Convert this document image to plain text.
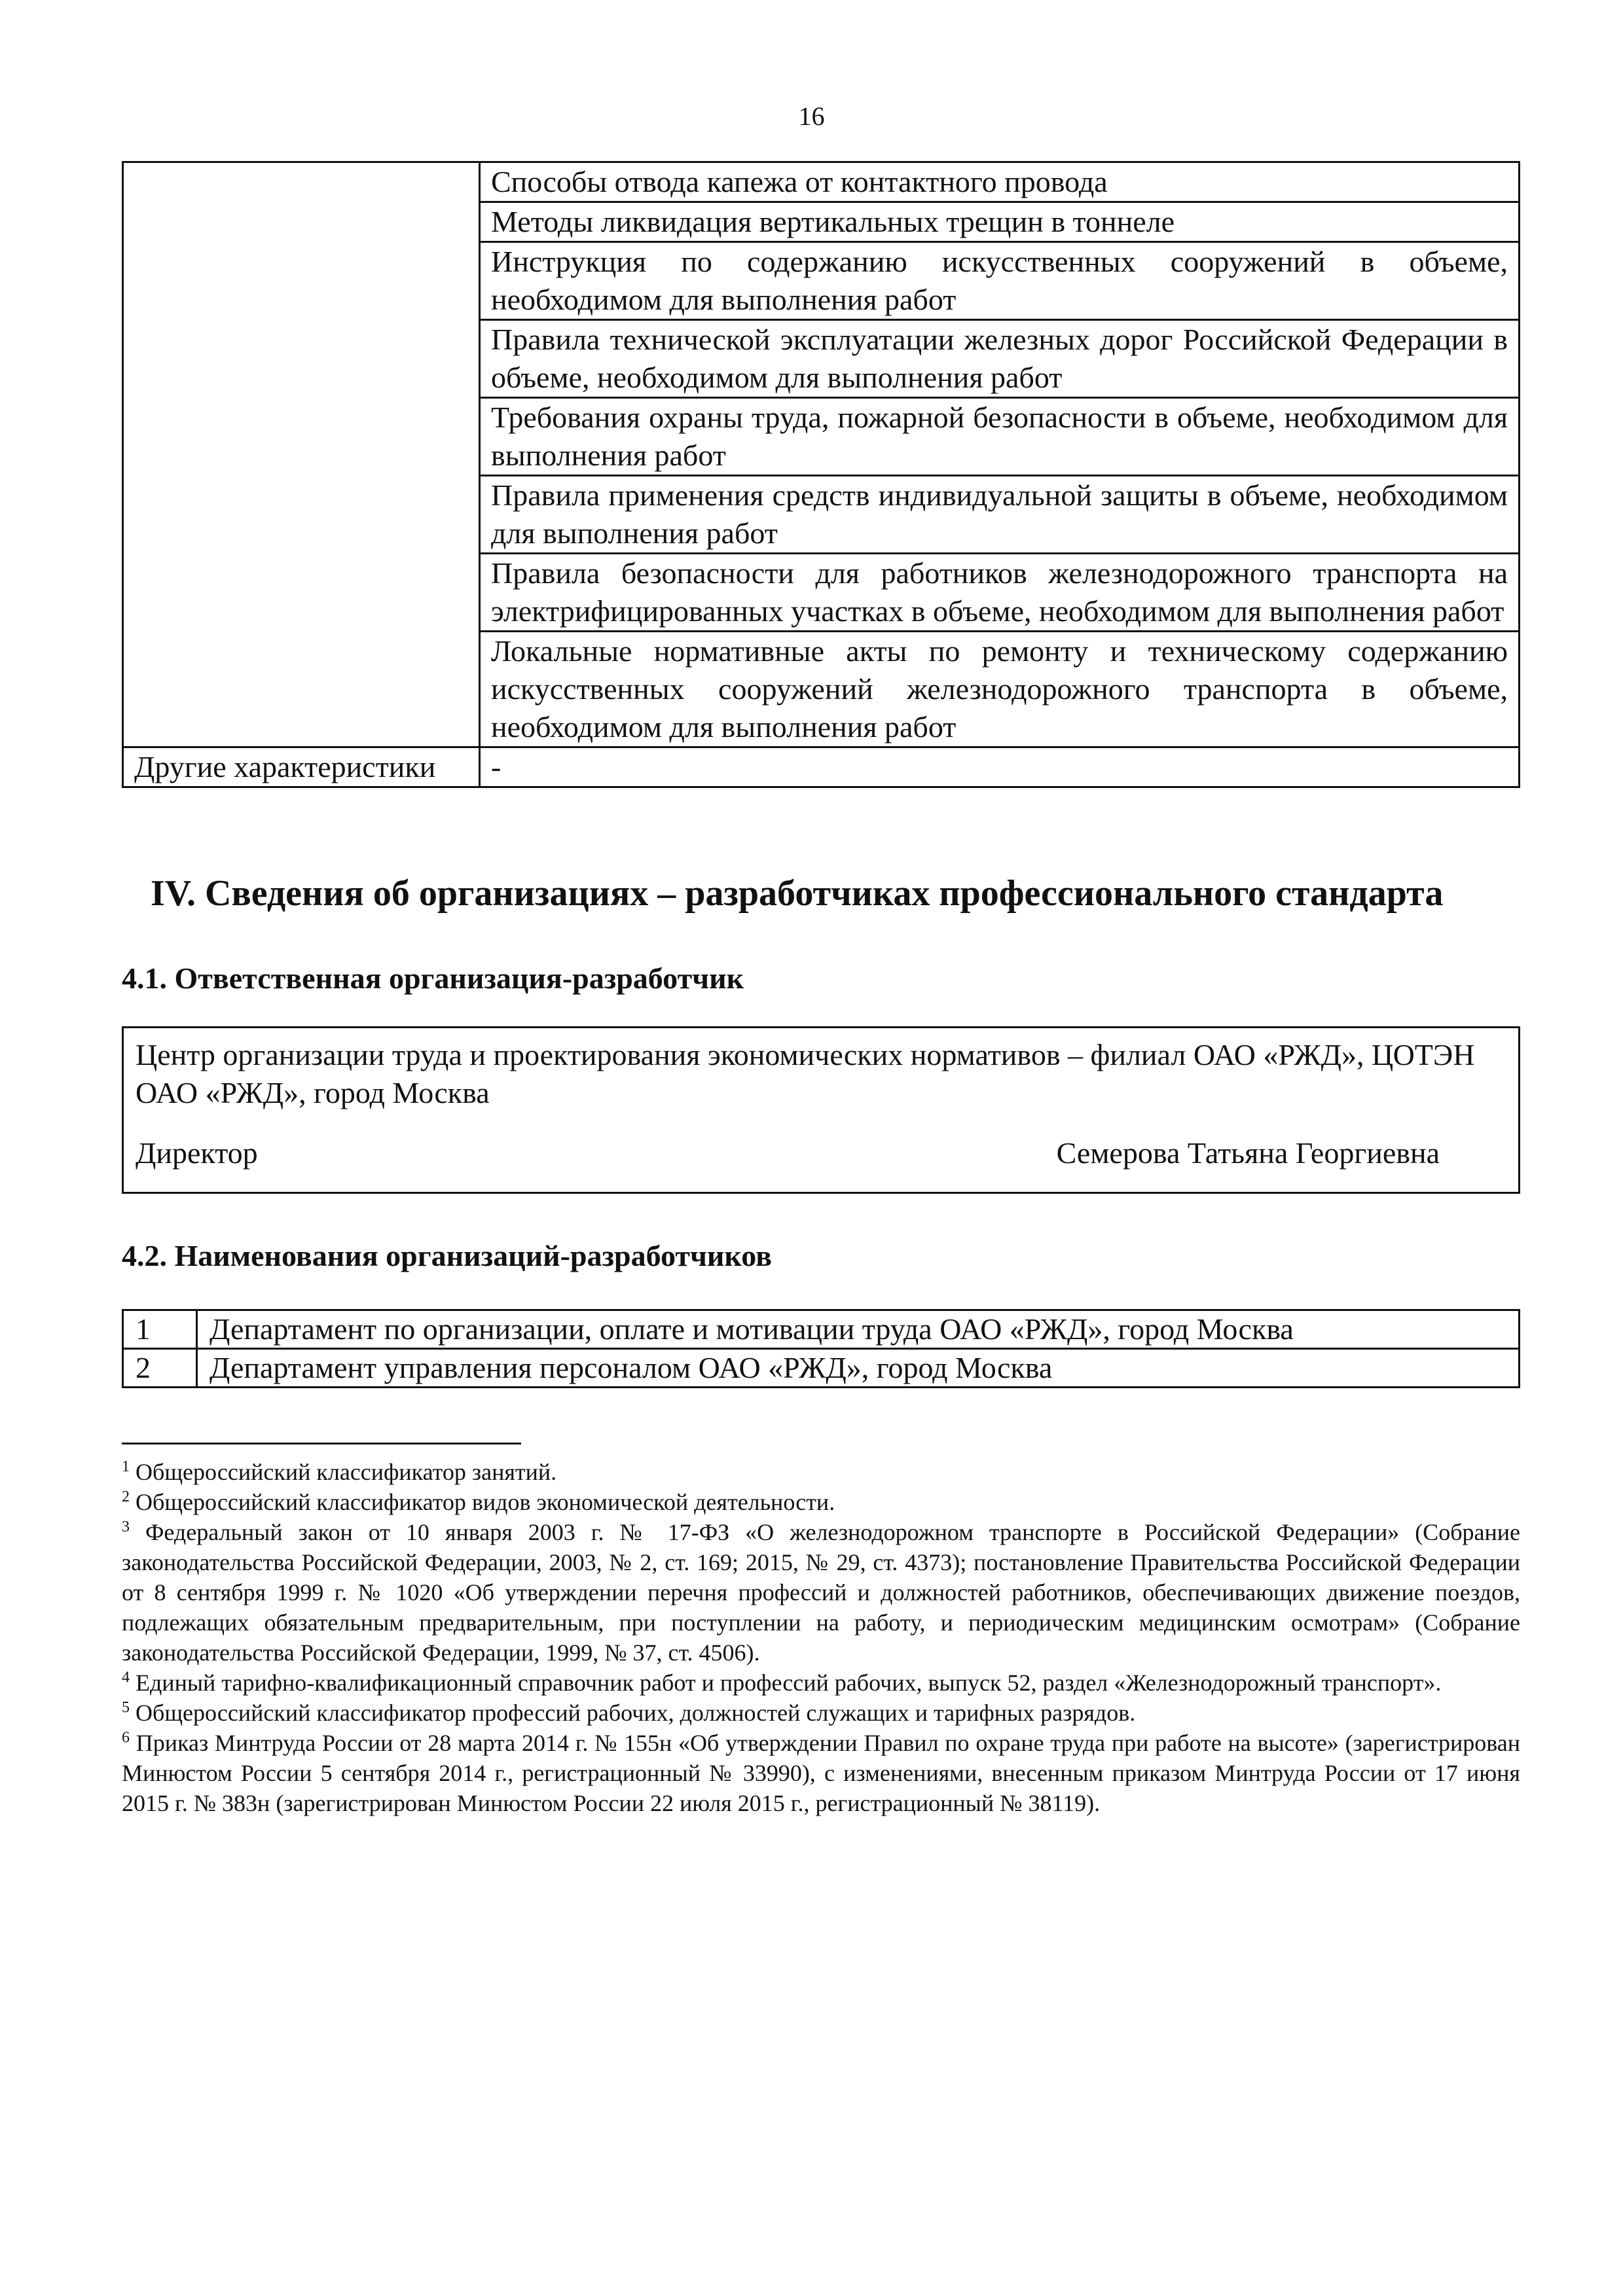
16
	Способы отвода капежа от контактного провода
	Методы ликвидация вертикальных трещин в тоннеле
	Инструкция по содержанию искусственных сооружений в объеме, необходимом для выполнения работ
	Правила технической эксплуатации железных дорог Российской Федерации в объеме, необходимом для выполнения работ
	Требования охраны труда, пожарной безопасности в объеме, необходимом для выполнения работ
	Правила применения средств индивидуальной защиты в объеме, необходимом для выполнения работ
	Правила безопасности для работников железнодорожного транспорта на электрифицированных участках в объеме, необходимом для выполнения работ
	Локальные нормативные акты по ремонту и техническому содержанию искусственных сооружений железнодорожного транспорта в объеме, необходимом для выполнения работ
Другие характеристики	-
IV. Сведения об организациях – разработчиках профессионального стандарта
4.1. Ответственная организация-разработчик
Центр организации труда и проектирования экономических нормативов – филиал ОАО «РЖД», ЦОТЭН ОАО «РЖД», город Москва
Директор	Семерова Татьяна Георгиевна
4.2. Наименования организаций-разработчиков
1	Департамент по организации, оплате и мотивации труда ОАО «РЖД», город Москва
2	Департамент управления персоналом ОАО «РЖД», город Москва

$^1$ Общероссийский классификатор занятий.

$^2$ Общероссийский классификатор видов экономической деятельности.

$^3$ Федеральный закон от 10 января 2003 г. № 17-ФЗ «О железнодорожном транспорте в Российской Федерации» (Собрание законодательства Российской Федерации, 2003, № 2, ст. 169; 2015, № 29, ст. 4373); постановление Правительства Российской Федерации от 8 сентября 1999 г. № 1020 «Об утверждении перечня профессий и должностей работников, обеспечивающих движение поездов, подлежащих обязательным предварительным, при поступлении на работу, и периодическим медицинским осмотрам» (Собрание законодательства Российской Федерации, 1999, № 37, ст. 4506).

$^4$ Единый тарифно-квалификационный справочник работ и профессий рабочих, выпуск 52, раздел «Железнодорожный транспорт».

$^5$ Общероссийский классификатор профессий рабочих, должностей служащих и тарифных разрядов.

$^6$ Приказ Минтруда России от 28 марта 2014 г. № 155н «Об утверждении Правил по охране труда при работе на высоте» (зарегистрирован Минюстом России 5 сентября 2014 г., регистрационный № 33990), с изменениями, внесенным приказом Минтруда России от 17 июня 2015 г. № 383н (зарегистрирован Минюстом России 22 июля 2015 г., регистрационный № 38119).
